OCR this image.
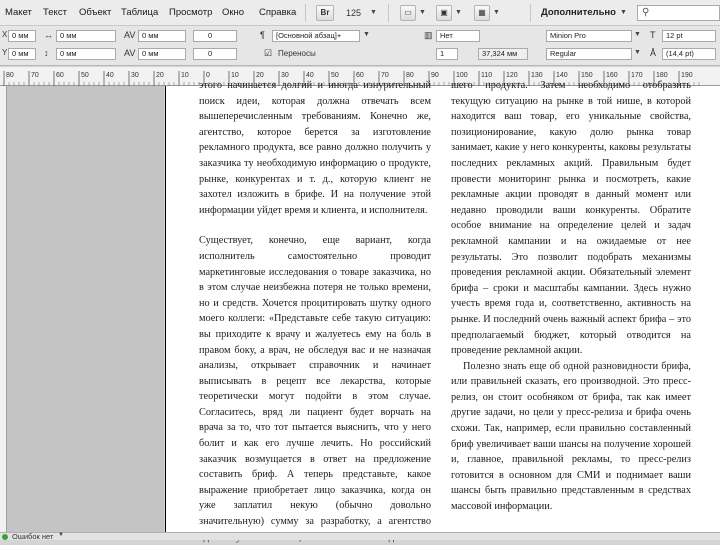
Макет Текст Объект Таблица Просмотр Окно Справка	Br	125	▼	▭	▼	▣	▼	▦	▼	Дополнительно ▼ ⚲
X 0 мм
Y 0 мм
↔ 0 мм
↕	0 мм
AV 0 мм
AV 0 мм
0
0
¶	[Основной абзац]+	▼
☑ Переносы
Нет
▥
1	37,324 мм
Minion Pro	▼
Regular	▼
T	12 pt
Å	(14,4 pt)
80 70 60 50 40 30 20 10 0	10 20 30 40 50 60 70 80 90 100 110 120 130 140 150 160 170 180 190

этого начинается долгий и иногда изнурительный поиск идеи, которая должна отвечать всем вышеперечисленным требованиям. Конечно же, агентство, которое берется за изготовление рекламного продукта, все равно должно получить у заказчика ту необходимую информацию о продукте, рынке, конкурентах и т. д., которую клиент не захотел изложить в брифе. И на получение этой информации уйдет время и клиента, и исполнителя.

Существует, конечно, еще вариант, когда исполнитель самостоятельно проводит маркетинговые исследования о товаре заказчика, но в этом случае неизбежна потеря не только времени, но и средств. Хочется процитировать шутку одного моего коллеги: «Представьте себе такую ситуацию: вы приходите к врачу и жалуетесь ему на боль в правом боку, а врач, не обследуя вас и не назначая анализы, открывает справочник и начинает выписывать в рецепт все лекарства, которые теоретически могут подойти в этом случае. Согласитесь, вряд ли пациент будет ворчать на врача за то, что тот пытается выяснить, что у него болит и как его лучше лечить. Но российский заказчик возмущается в ответ на предложение составить бриф. А теперь представьте, какое выражение приобретает лицо заказчика, когда он уже заплатил некую (обычно довольно значительную) сумму за разработку, а агентство

шего продукта. Затем необходимо отобразить текущую ситуацию на рынке в той нише, в которой находится ваш товар, его уникальные свойства, позиционирование, какую долю рынка товар занимает, какие у него конкуренты, каковы результаты последних рекламных акций. Правильным будет провести мониторинг рынка и посмотреть, какие рекламные акции проводят в данный момент или недавно проводили ваши конкуренты. Обратите особое внимание на определение целей и задач рекламной кампании и на ожидаемые от нее результаты. Это позволит подобрать механизмы проведения рекламной акции. Обязательный элемент брифа – сроки и масштабы кампании. Здесь нужно учесть время года и, соответственно, активность на рынке. И последний очень важный аспект брифа – это предполагаемый бюджет, который отводится на проведение рекламной акции.

Полезно знать еще об одной разновидности брифа, или правильней сказать, его производной. Это пресс-релиз, он стоит особняком от брифа, так как имеет другие задачи, но цели у пресс-релиза и брифа очень схожи. Так, например, если правильно составленный бриф увеличивает ваши шансы на получение хорошей и, главное, правильной рекламы, то пресс-релиз готовится в основном для СМИ и поднимает ваши шансы быть правильно представленным в средствах массовой информации.

Ошибок нет ▼
